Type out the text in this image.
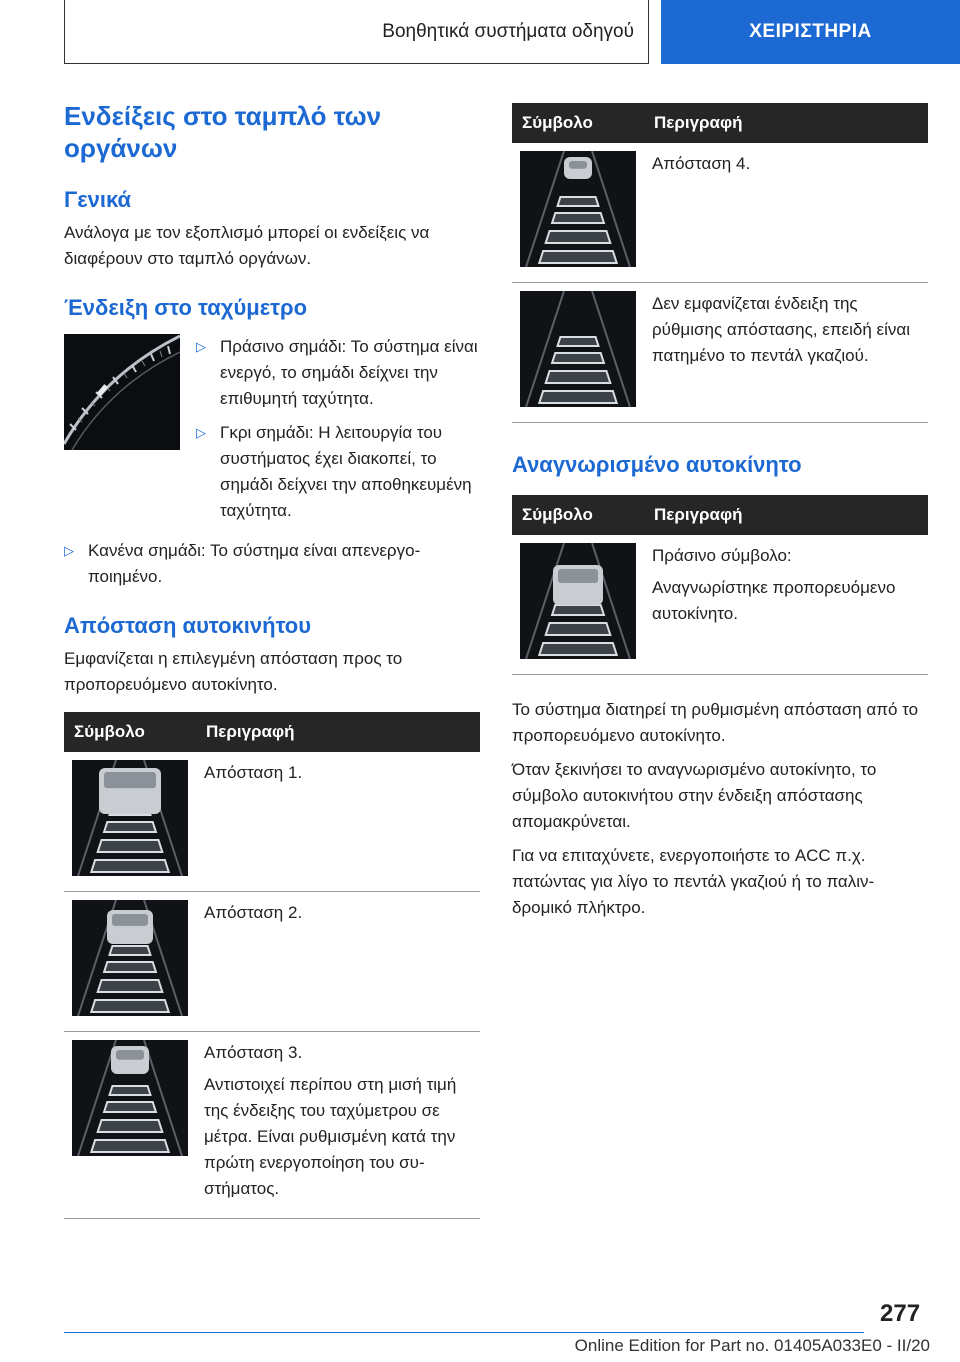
Βοηθητικά συστήματα οδηγού	ΧΕΙΡΙΣΤΗΡΙΑ
Ενδείξεις στο ταμπλό των οργάνων
Γενικά

Ανάλογα με τον εξοπλισμό μπορεί οι ενδείξεις να διαφέρουν στο ταμπλό οργάνων.

Ένδειξη στο ταχύμετρο
▷ Πράσινο σημάδι: Το σύστημα είναι ενεργό, το σημάδι δείχνει την επιθυμητή ταχύτητα.
▷ Γκρι σημάδι: Η λειτουργία του συστήματος έχει διακοπεί, το σημάδι δείχνει την αποθηκευμένη ταχύτητα.
▷ Κανένα σημάδι: Το σύστημα είναι απενεργοποιημένο.
Απόσταση αυτοκινήτου

Εμφανίζεται η επιλεγμένη απόσταση προς το προπορευόμενο αυτοκίνητο.

Σύμβολο	Περιγραφή

Απόσταση 1.

Απόσταση 2.

Απόσταση 3.

Αντιστοιχεί περίπου στη μισή τιμή της ένδειξης του ταχύμετρου σε μέτρα. Είναι ρυθμισμένη κατά την πρώτη ενεργοποίηση του συστήματος.

Σύμβολο	Περιγραφή

Απόσταση 4.

Δεν εμφανίζεται ένδειξη της ρύθμισης απόστασης, επειδή είναι πατημένο το πεντάλ γκαζιού.

Αναγνωρισμένο αυτοκίνητο
Σύμβολο	Περιγραφή

Πράσινο σύμβολο:

Αναγνωρίστηκε προπορευόμενο αυτοκίνητο.

Το σύστημα διατηρεί τη ρυθμισμένη απόσταση από το προπορευόμενο αυτοκίνητο.

Όταν ξεκινήσει το αναγνωρισμένο αυτοκίνητο, το σύμβολο αυτοκινήτου στην ένδειξη απόστασης απομακρύνεται.

Για να επιταχύνετε, ενεργοποιήστε το ACC π.χ. πατώντας για λίγο το πεντάλ γκαζιού ή το παλινδρομικό πλήκτρο.

277
Online Edition for Part no. 01405A033E0 - II/20
